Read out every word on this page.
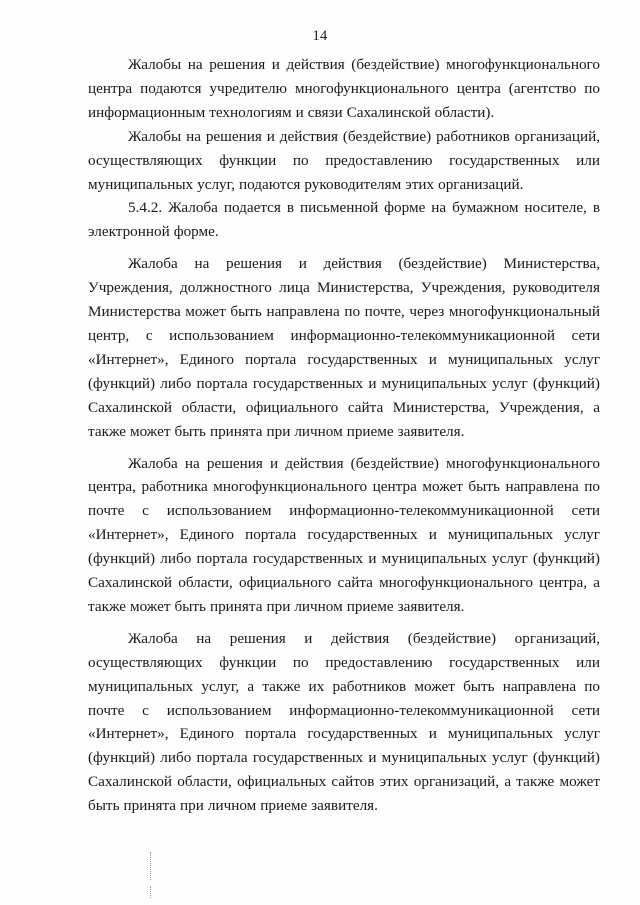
14

Жалобы на решения и действия (бездействие) многофункционального центра подаются учредителю многофункционального центра (агентство по информационным технологиям и связи Сахалинской области).

Жалобы на решения и действия (бездействие) работников организаций, осуществляющих функции по предоставлению государственных или муниципальных услуг, подаются руководителям этих организаций.

5.4.2. Жалоба подается в письменной форме на бумажном носителе, в электронной форме.

Жалоба на решения и действия (бездействие) Министерства, Учреждения, должностного лица Министерства, Учреждения, руководителя Министерства может быть направлена по почте, через многофункциональный центр, с использованием информационно-телекоммуникационной сети «Интернет», Единого портала государственных и муниципальных услуг (функций) либо портала государственных и муниципальных услуг (функций) Сахалинской области, официального сайта Министерства, Учреждения, а также может быть принята при личном приеме заявителя.

Жалоба на решения и действия (бездействие) многофункционального центра, работника многофункционального центра может быть направлена по почте с использованием информационно-телекоммуникационной сети «Интернет», Единого портала государственных и муниципальных услуг (функций) либо портала государственных и муниципальных услуг (функций) Сахалинской области, официального сайта многофункционального центра, а также может быть принята при личном приеме заявителя.

Жалоба на решения и действия (бездействие) организаций, осуществляющих функции по предоставлению государственных или муниципальных услуг, а также их работников может быть направлена по почте с использованием информационно-телекоммуникационной сети «Интернет», Единого портала государственных и муниципальных услуг (функций) либо портала государственных и муниципальных услуг (функций) Сахалинской области, официальных сайтов этих организаций, а также может быть принята при личном приеме заявителя.
